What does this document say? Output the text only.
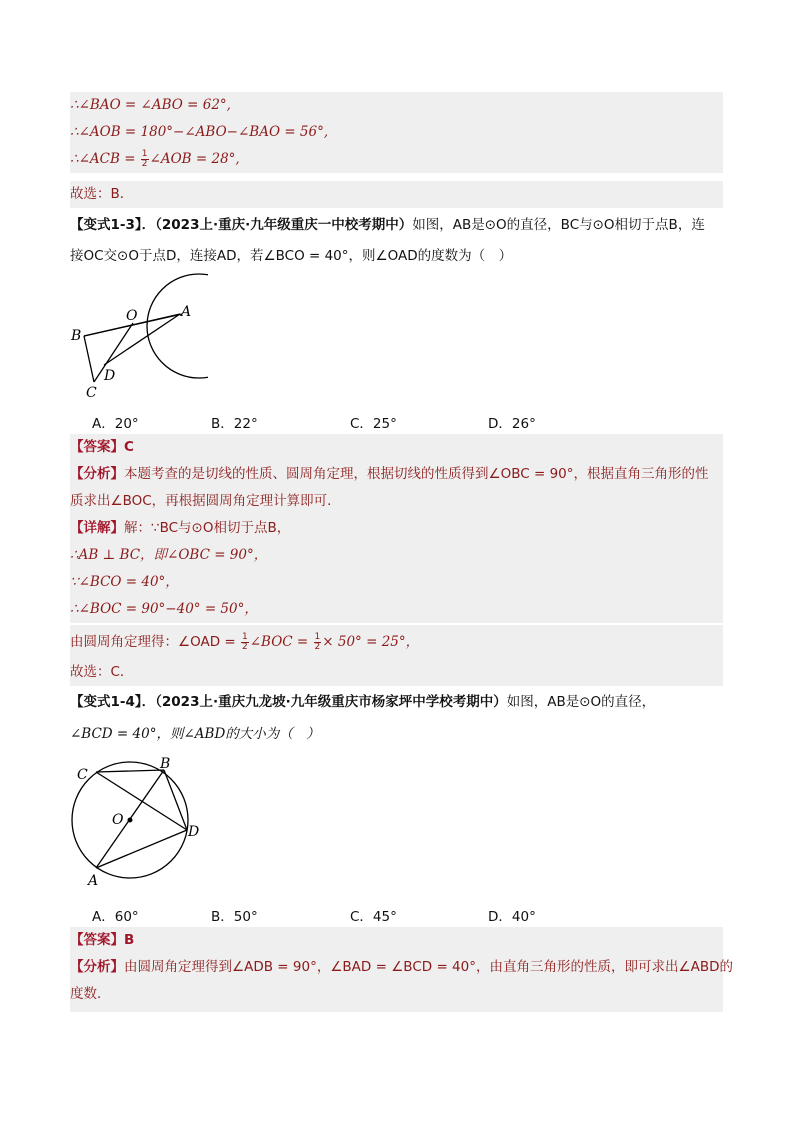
∴∠BAO = ∠ABO = 62°,
∴∠AOB = 180°−∠ABO−∠BAO = 56°,
∴∠ACB = $\frac{1}{2}$ ∠AOB = 28°,
故选：B．
【变式1-3】．（2023上·重庆·九年级重庆一中校考期中）如图，AB是⊙O的直径，BC与⊙O相切于点B，连
接OC交⊙O于点D，连接AD，若∠BCO = 40°，则∠OAD的度数为（　）
O	A
B
D
C
A．20°	B．22°	C．25°	D．26°
【答案】C
【分析】本题考查的是切线的性质、圆周角定理，根据切线的性质得到∠OBC = 90°，根据直角三角形的性
质求出∠BOC，再根据圆周角定理计算即可．
【详解】解：∵BC与⊙O相切于点B，
∴AB ⊥ BC，即∠OBC = 90°，
∵∠BCO = 40°，
∴∠BOC = 90°−40° = 50°，
由圆周角定理得：∠OAD = $\frac{1}{2}$ ∠BOC = $\frac{1}{2} \times 50^\circ = 25^\circ$，
故选：C．
【变式1-4】．（2023上·重庆九龙坡·九年级重庆市杨家坪中学校考期中）如图，AB是⊙O的直径，
∠BCD = 40°，则∠ABD的大小为（　）
C
B
O
D
A
A．60°	B．50°	C．45°	D．40°
【答案】B
【分析】由圆周角定理得到∠ADB = 90°，∠BAD = ∠BCD = 40°，由直角三角形的性质，即可求出∠ABD的
度数．
